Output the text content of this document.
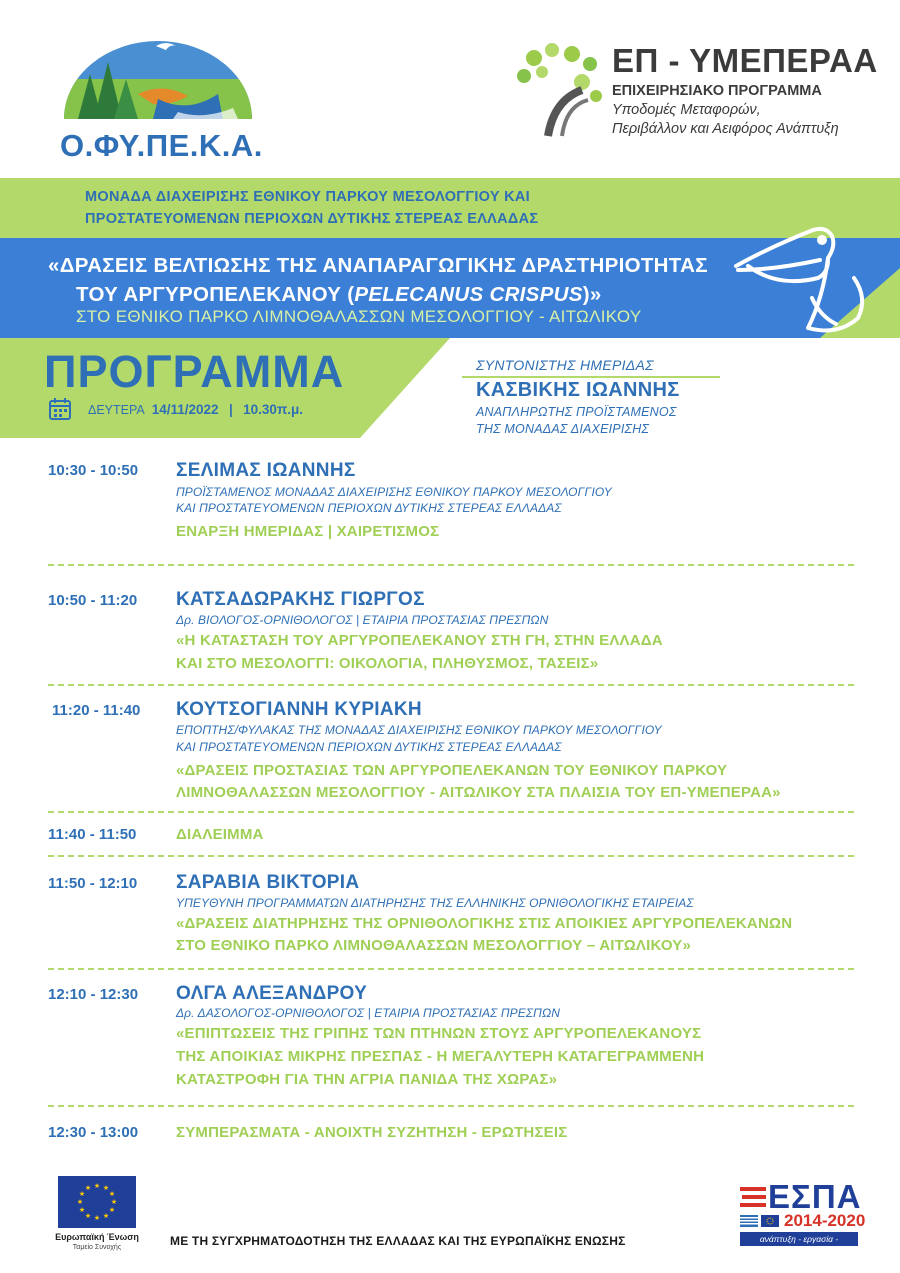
Ο.ΦΥ.ΠΕ.Κ.Α.
ΕΠ - ΥΜΕΠΕΡΑΑ
ΕΠΙΧΕΙΡΗΣΙΑΚΟ ΠΡΟΓΡΑΜΜΑ
Υποδομές Μεταφορών,
Περιβάλλον και Αειφόρος Ανάπτυξη
ΜΟΝΑΔΑ ΔΙΑΧΕΙΡΙΣΗΣ ΕΘΝΙΚΟΥ ΠΑΡΚΟΥ ΜΕΣΟΛΟΓΓΙΟΥ ΚΑΙ
ΠΡΟΣΤΑΤΕΥΟΜΕΝΩΝ ΠΕΡΙΟΧΩΝ ΔΥΤΙΚΗΣ ΣΤΕΡΕΑΣ ΕΛΛΑΔΑΣ
«ΔΡΑΣΕΙΣ ΒΕΛΤΙΩΣΗΣ ΤΗΣ ΑΝΑΠΑΡΑΓΩΓΙΚΗΣ ΔΡΑΣΤΗΡΙΟΤΗΤΑΣ
ΤΟΥ ΑΡΓΥΡΟΠΕΛΕΚΑΝΟΥ (PELECANUS CRISPUS)»
ΣΤΟ ΕΘΝΙΚΟ ΠΑΡΚΟ ΛΙΜΝΟΘΑΛΑΣΣΩΝ ΜΕΣΟΛΟΓΓΙΟΥ - ΑΙΤΩΛΙΚΟΥ
ΠΡΟΓΡΑΜΜΑ
ΔΕΥΤΕΡΑ 14/11/2022 | 10.30π.μ.
ΣΥΝΤΟΝΙΣΤΗΣ ΗΜΕΡΙΔΑΣ
ΚΑΣΒΙΚΗΣ ΙΩΑΝΝΗΣ
ΑΝΑΠΛΗΡΩΤΗΣ ΠΡΟΪΣΤΑΜΕΝΟΣ
ΤΗΣ ΜΟΝΑΔΑΣ ΔΙΑΧΕΙΡΙΣΗΣ
10:30 - 10:50 ΣΕΛΙΜΑΣ ΙΩΑΝΝΗΣ
ΠΡΟΪΣΤΑΜΕΝΟΣ ΜΟΝΑΔΑΣ ΔΙΑΧΕΙΡΙΣΗΣ ΕΘΝΙΚΟΥ ΠΑΡΚΟΥ ΜΕΣΟΛΟΓΓΙΟΥ
ΚΑΙ ΠΡΟΣΤΑΤΕΥΟΜΕΝΩΝ ΠΕΡΙΟΧΩΝ ΔΥΤΙΚΗΣ ΣΤΕΡΕΑΣ ΕΛΛΑΔΑΣ
ΕΝΑΡΞΗ ΗΜΕΡΙΔΑΣ | ΧΑΙΡΕΤΙΣΜΟΣ
10:50 - 11:20 ΚΑΤΣΑΔΩΡΑΚΗΣ ΓΙΩΡΓΟΣ
Δρ. ΒΙΟΛΟΓΟΣ-ΟΡΝΙΘΟΛΟΓΟΣ | ΕΤΑΙΡΙΑ ΠΡΟΣΤΑΣΙΑΣ ΠΡΕΣΠΩΝ
«Η ΚΑΤΑΣΤΑΣΗ ΤΟΥ ΑΡΓΥΡΟΠΕΛΕΚΑΝΟΥ ΣΤΗ ΓΗ, ΣΤΗΝ ΕΛΛΑΔΑ
ΚΑΙ ΣΤΟ ΜΕΣΟΛΟΓΓΙ: ΟΙΚΟΛΟΓΙΑ, ΠΛΗΘΥΣΜΟΣ, ΤΑΣΕΙΣ»
11:20 - 11:40 ΚΟΥΤΣΟΓΙΑΝΝΗ ΚΥΡΙΑΚΗ
ΕΠΟΠΤΗΣ/ΦΥΛΑΚΑΣ ΤΗΣ ΜΟΝΑΔΑΣ ΔΙΑΧΕΙΡΙΣΗΣ ΕΘΝΙΚΟΥ ΠΑΡΚΟΥ ΜΕΣΟΛΟΓΓΙΟΥ
ΚΑΙ ΠΡΟΣΤΑΤΕΥΟΜΕΝΩΝ ΠΕΡΙΟΧΩΝ ΔΥΤΙΚΗΣ ΣΤΕΡΕΑΣ ΕΛΛΑΔΑΣ
«ΔΡΑΣΕΙΣ ΠΡΟΣΤΑΣΙΑΣ ΤΩΝ ΑΡΓΥΡΟΠΕΛΕΚΑΝΩΝ ΤΟΥ ΕΘΝΙΚΟΥ ΠΑΡΚΟΥ
ΛΙΜΝΟΘΑΛΑΣΣΩΝ ΜΕΣΟΛΟΓΓΙΟΥ - ΑΙΤΩΛΙΚΟΥ ΣΤΑ ΠΛΑΙΣΙΑ ΤΟΥ ΕΠ-ΥΜΕΠΕΡΑΑ»
11:40 - 11:50	ΔΙΑΛΕΙΜΜΑ
11:50 - 12:10 ΣΑΡΑΒΙΑ ΒΙΚΤΟΡΙΑ
ΥΠΕΥΘΥΝΗ ΠΡΟΓΡΑΜΜΑΤΩΝ ΔΙΑΤΗΡΗΣΗΣ ΤΗΣ ΕΛΛΗΝΙΚΗΣ ΟΡΝΙΘΟΛΟΓΙΚΗΣ ΕΤΑΙΡΕΙΑΣ
«ΔΡΑΣΕΙΣ ΔΙΑΤΗΡΗΣΗΣ ΤΗΣ ΟΡΝΙΘΟΛΟΓΙΚΗΣ ΣΤΙΣ ΑΠΟΙΚΙΕΣ ΑΡΓΥΡΟΠΕΛΕΚΑΝΩΝ
ΣΤΟ ΕΘΝΙΚΟ ΠΑΡΚΟ ΛΙΜΝΟΘΑΛΑΣΣΩΝ ΜΕΣΟΛΟΓΓΙΟΥ – ΑΙΤΩΛΙΚΟΥ»
12:10 - 12:30 ΟΛΓΑ ΑΛΕΞΑΝΔΡΟΥ
Δρ. ΔΑΣΟΛΟΓΟΣ-ΟΡΝΙΘΟΛΟΓΟΣ | ΕΤΑΙΡΙΑ ΠΡΟΣΤΑΣΙΑΣ ΠΡΕΣΠΩΝ
«ΕΠΙΠΤΩΣΕΙΣ ΤΗΣ ΓΡΙΠΗΣ ΤΩΝ ΠΤΗΝΩΝ ΣΤΟΥΣ ΑΡΓΥΡΟΠΕΛΕΚΑΝΟΥΣ
ΤΗΣ ΑΠΟΙΚΙΑΣ ΜΙΚΡΗΣ ΠΡΕΣΠΑΣ - Η ΜΕΓΑΛΥΤΕΡΗ ΚΑΤΑΓΕΓΡΑΜΜΕΝΗ
ΚΑΤΑΣΤΡΟΦΗ ΓΙΑ ΤΗΝ ΑΓΡΙΑ ΠΑΝΙΔΑ ΤΗΣ ΧΩΡΑΣ»
12:30 - 13:00	ΣΥΜΠΕΡΑΣΜΑΤΑ - ΑΝΟΙΧΤΗ ΣΥΖΗΤΗΣΗ - ΕΡΩΤΗΣΕΙΣ
★ ★
★
★
★
★
★
★
★
★
★
★
Ευρωπαϊκή Ένωση
Ταμείο Συνοχής	ΜΕ ΤΗ ΣΥΓΧΡΗΜΑΤΟΔΟΤΗΣΗ ΤΗΣ ΕΛΛΑΔΑΣ ΚΑΙ ΤΗΣ ΕΥΡΩΠΑΪΚΗΣ ΕΝΩΣΗΣ
ΕΣΠΑ
2014-2020
ανάπτυξη - εργασία - αλληλεγγύη
